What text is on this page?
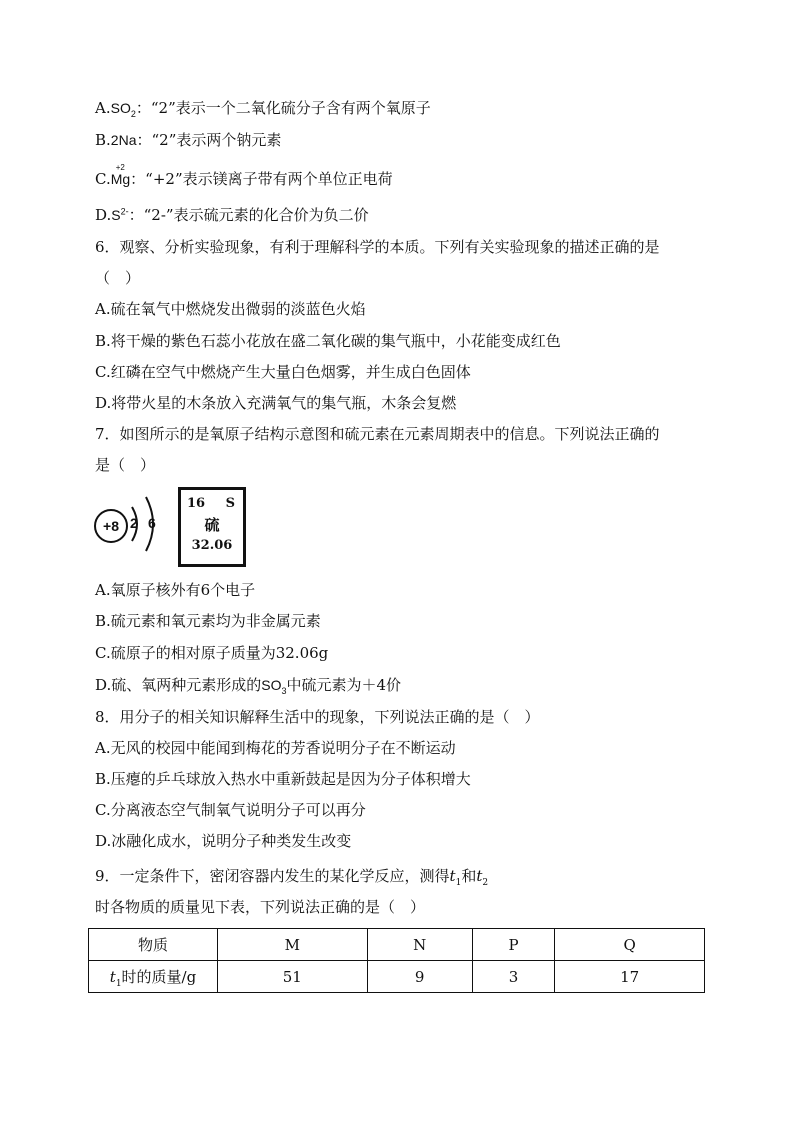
$A.SO_2$：“2”表示一个二氧化硫分子含有两个氧原子
B.2Na：“2”表示两个钠元素
C.
+2
Mg：“+2”表示镁离子带有两个单位正电荷
$D.S^{2-}$：“2-”表示硫元素的化合价为负二价
6．观察、分析实验现象，有利于理解科学的本质。下列有关实验现象的描述正确的是
（　）
A.硫在氧气中燃烧发出微弱的淡蓝色火焰
B.将干燥的紫色石蕊小花放在盛二氧化碳的集气瓶中，小花能变成红色
C.红磷在空气中燃烧产生大量白色烟雾，并生成白色固体
D.将带火星的木条放入充满氧气的集气瓶，木条会复燃
7．如图所示的是氧原子结构示意图和硫元素在元素周期表中的信息。下列说法正确的
是（　）
+8 2 6
16 S
硫
32.06
A.氧原子核外有6个电子
B.硫元素和氧元素均为非金属元素
C.硫原子的相对原子质量为32.06g
D.硫、氧两种元素形成的$SO_3$中硫元素为＋4价
8．用分子的相关知识解释生活中的现象，下列说法正确的是（　）
A.无风的校园中能闻到梅花的芳香说明分子在不断运动
B.压瘪的乒乓球放入热水中重新鼓起是因为分子体积增大
C.分离液态空气制氧气说明分子可以再分
D.冰融化成水，说明分子种类发生改变
9．一定条件下，密闭容器内发生的某化学反应，测得$t_1$和$t_2$
时各物质的质量见下表，下列说法正确的是（　）
物质	M	N	P	Q
$t_1$时的质量/g	51	9	3	17
